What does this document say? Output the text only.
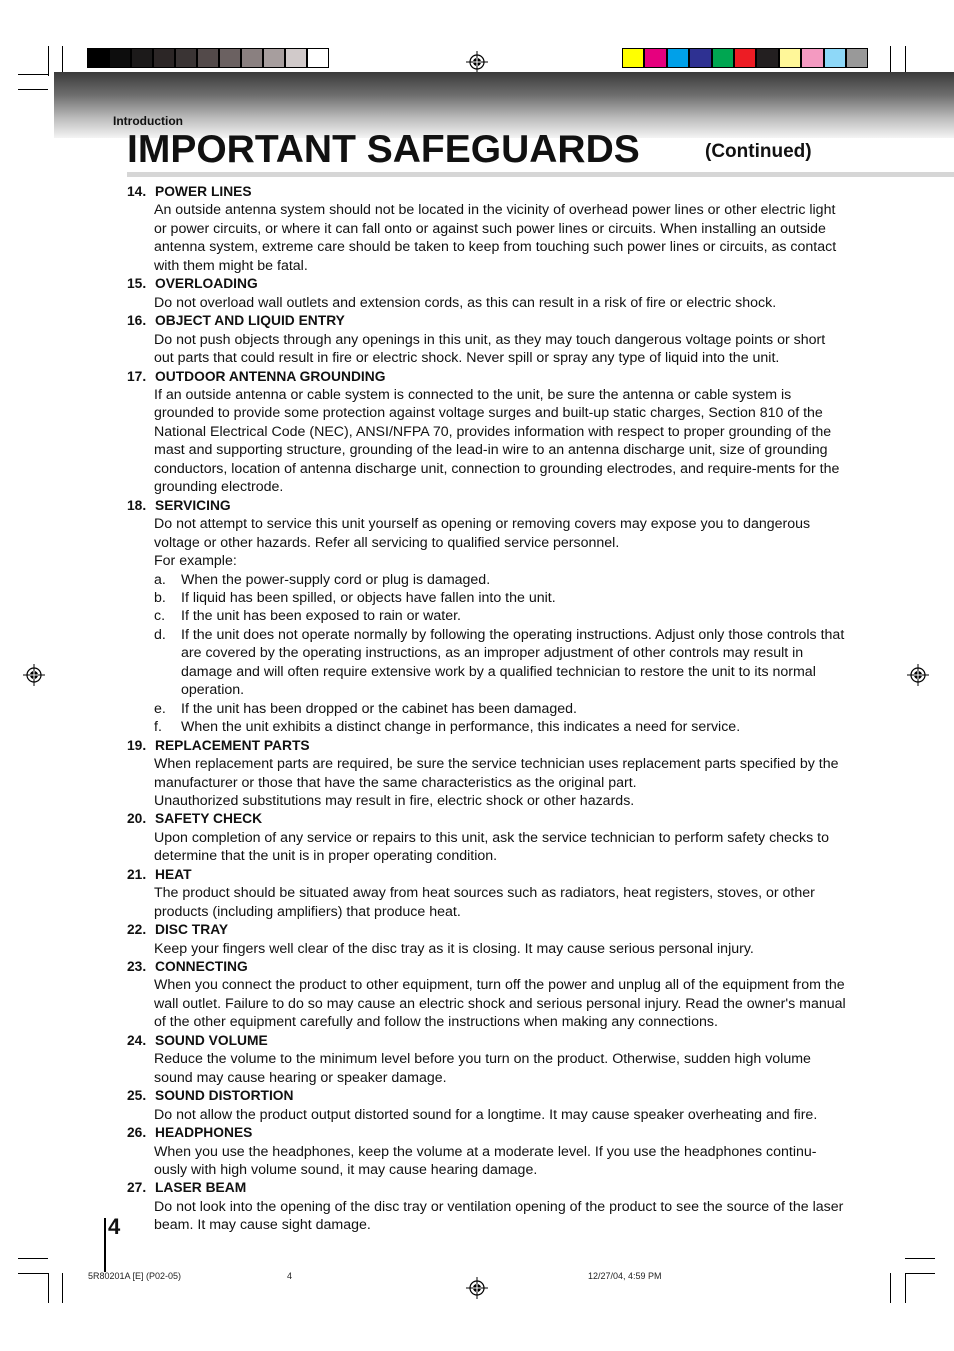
Introduction
IMPORTANT SAFEGUARDS	(Continued)
14. POWER LINES
An outside antenna system should not be located in the vicinity of overhead power lines or other electric light or power circuits, or where it can fall onto or against such power lines or circuits. When installing an outside antenna system, extreme care should be taken to keep from touching such power lines or circuits, as contact with them might be fatal.
15. OVERLOADING
Do not overload wall outlets and extension cords, as this can result in a risk of fire or electric shock.
16. OBJECT AND LIQUID ENTRY
Do not push objects through any openings in this unit, as they may touch dangerous voltage points or short out parts that could result in fire or electric shock. Never spill or spray any type of liquid into the unit.
17. OUTDOOR ANTENNA GROUNDING
If an outside antenna or cable system is connected to the unit, be sure the antenna or cable system is grounded to provide some protection against voltage surges and built-up static charges, Section 810 of the National Electrical Code (NEC), ANSI/NFPA 70, provides information with respect to proper grounding of the mast and supporting structure, grounding of the lead-in wire to an antenna discharge unit, size of grounding conductors, location of antenna discharge unit, connection to grounding electrodes, and require-ments for the grounding electrode.
18. SERVICING
Do not attempt to service this unit yourself as opening or removing covers may expose you to dangerous voltage or other hazards. Refer all servicing to qualified service personnel.
For example:
a.	When the power-supply cord or plug is damaged.
b.	If liquid has been spilled, or objects have fallen into the unit.
c.	If the unit has been exposed to rain or water.
d.	If the unit does not operate normally by following the operating instructions. Adjust only those controls that are covered by the operating instructions, as an improper adjustment of other controls may result in damage and will often require extensive work by a qualified technician to restore the unit to its normal operation.
e.	If the unit has been dropped or the cabinet has been damaged.
f.	When the unit exhibits a distinct change in performance, this indicates a need for service.
19. REPLACEMENT PARTS
When replacement parts are required, be sure the service technician uses replacement parts specified by the manufacturer or those that have the same characteristics as the original part.
Unauthorized substitutions may result in fire, electric shock or other hazards.
20. SAFETY CHECK
Upon completion of any service or repairs to this unit, ask the service technician to perform safety checks to determine that the unit is in proper operating condition.
21. HEAT
The product should be situated away from heat sources such as radiators, heat registers, stoves, or other products (including amplifiers) that produce heat.
22. DISC TRAY
Keep your fingers well clear of the disc tray as it is closing. It may cause serious personal injury.
23. CONNECTING
When you connect the product to other equipment, turn off the power and unplug all of the equipment from the wall outlet. Failure to do so may cause an electric shock and serious personal injury. Read the owner's manual of the other equipment carefully and follow the instructions when making any connections.
24. SOUND VOLUME
Reduce the volume to the minimum level before you turn on the product. Otherwise, sudden high volume sound may cause hearing or speaker damage.
25. SOUND DISTORTION
Do not allow the product output distorted sound for a longtime. It may cause speaker overheating and fire.
26. HEADPHONES
When you use the headphones, keep the volume at a moderate level. If you use the headphones continu-ously with high volume sound, it may cause hearing damage.
27. LASER BEAM
Do not look into the opening of the disc tray or ventilation opening of the product to see the source of the laser beam. It may cause sight damage.
4
5R80201A [E] (P02-05)	4	12/27/04, 4:59 PM
